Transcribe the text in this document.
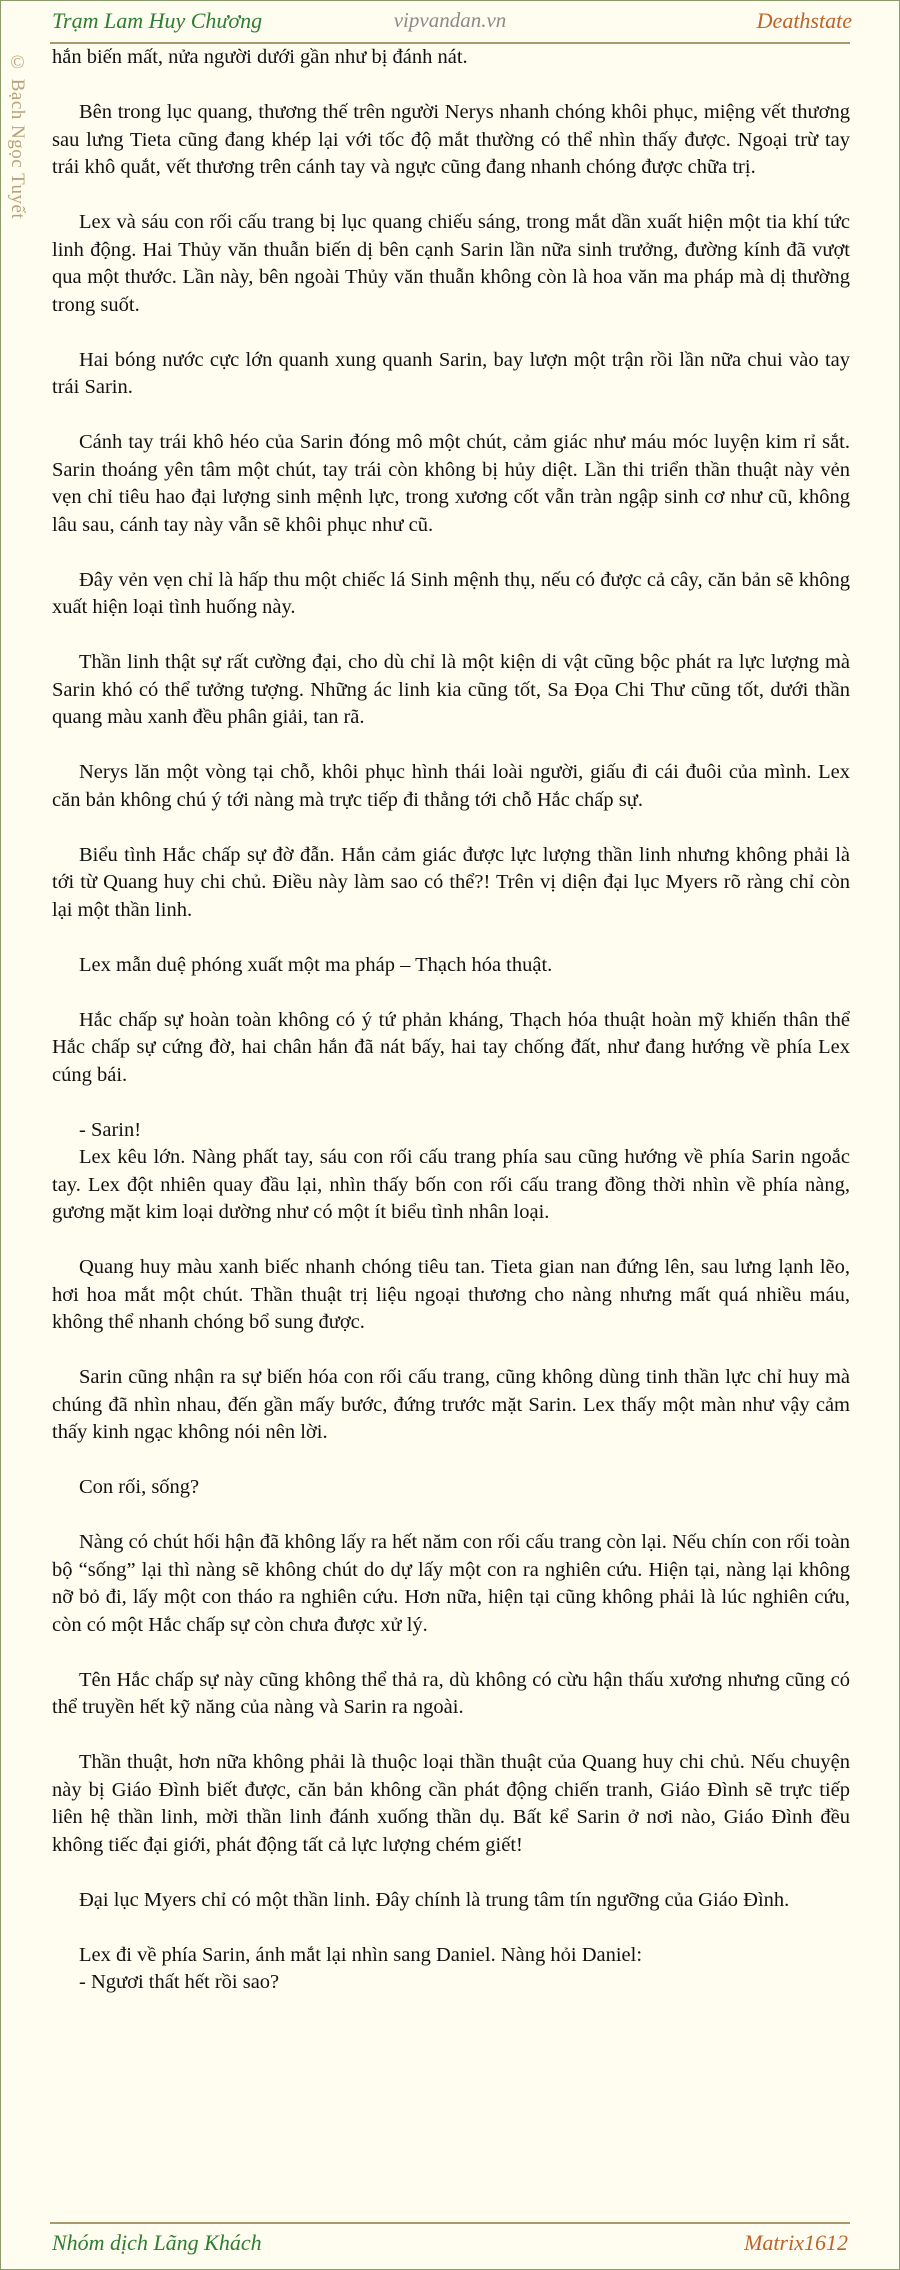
Trạm Lam Huy Chương	vipvandan.vn	Deathstate
© Bạch Ngọc Tuyết hắn biến mất, nửa người dưới gần như bị đánh nát.

Bên trong lục quang, thương thế trên người Nerys nhanh chóng khôi phục, miệng vết thương sau lưng Tieta cũng đang khép lại với tốc độ mắt thường có thể nhìn thấy được. Ngoại trừ tay trái khô quắt, vết thương trên cánh tay và ngực cũng đang nhanh chóng được chữa trị.

Lex và sáu con rối cấu trang bị lục quang chiếu sáng, trong mắt dần xuất hiện một tia khí tức linh động. Hai Thủy văn thuẫn biến dị bên cạnh Sarin lần nữa sinh trưởng, đường kính đã vượt qua một thước. Lần này, bên ngoài Thủy văn thuẫn không còn là hoa văn ma pháp mà dị thường trong suốt.

Hai bóng nước cực lớn quanh xung quanh Sarin, bay lượn một trận rồi lần nữa chui vào tay trái Sarin.

Cánh tay trái khô héo của Sarin đóng mô một chút, cảm giác như máu móc luyện kim rỉ sắt. Sarin thoáng yên tâm một chút, tay trái còn không bị hủy diệt. Lần thi triển thần thuật này vẻn vẹn chỉ tiêu hao đại lượng sinh mệnh lực, trong xương cốt vẫn tràn ngập sinh cơ như cũ, không lâu sau, cánh tay này vẫn sẽ khôi phục như cũ.

Đây vẻn vẹn chỉ là hấp thu một chiếc lá Sinh mệnh thụ, nếu có được cả cây, căn bản sẽ không xuất hiện loại tình huống này.

Thần linh thật sự rất cường đại, cho dù chỉ là một kiện di vật cũng bộc phát ra lực lượng mà Sarin khó có thể tưởng tượng. Những ác linh kia cũng tốt, Sa Đọa Chi Thư cũng tốt, dưới thần quang màu xanh đều phân giải, tan rã.

Nerys lăn một vòng tại chỗ, khôi phục hình thái loài người, giấu đi cái đuôi của mình. Lex căn bản không chú ý tới nàng mà trực tiếp đi thẳng tới chỗ Hắc chấp sự.

Biểu tình Hắc chấp sự đờ đẫn. Hắn cảm giác được lực lượng thần linh nhưng không phải là tới từ Quang huy chi chủ. Điều này làm sao có thể?! Trên vị diện đại lục Myers rõ ràng chỉ còn lại một thần linh.

Lex mẫn duệ phóng xuất một ma pháp – Thạch hóa thuật.

Hắc chấp sự hoàn toàn không có ý tứ phản kháng, Thạch hóa thuật hoàn mỹ khiến thân thể Hắc chấp sự cứng đờ, hai chân hắn đã nát bấy, hai tay chống đất, như đang hướng về phía Lex cúng bái.

- Sarin!

Lex kêu lớn. Nàng phất tay, sáu con rối cấu trang phía sau cũng hướng về phía Sarin ngoắc tay. Lex đột nhiên quay đầu lại, nhìn thấy bốn con rối cấu trang đồng thời nhìn về phía nàng, gương mặt kim loại dường như có một ít biểu tình nhân loại.

Quang huy màu xanh biếc nhanh chóng tiêu tan. Tieta gian nan đứng lên, sau lưng lạnh lẽo, hơi hoa mắt một chút. Thần thuật trị liệu ngoại thương cho nàng nhưng mất quá nhiều máu, không thể nhanh chóng bổ sung được.

Sarin cũng nhận ra sự biến hóa con rối cấu trang, cũng không dùng tinh thần lực chỉ huy mà chúng đã nhìn nhau, đến gần mấy bước, đứng trước mặt Sarin. Lex thấy một màn như vậy cảm thấy kinh ngạc không nói nên lời.

Con rối, sống?

Nàng có chút hối hận đã không lấy ra hết năm con rối cấu trang còn lại. Nếu chín con rối toàn bộ “sống” lại thì nàng sẽ không chút do dự lấy một con ra nghiên cứu. Hiện tại, nàng lại không nỡ bỏ đi, lấy một con tháo ra nghiên cứu. Hơn nữa, hiện tại cũng không phải là lúc nghiên cứu, còn có một Hắc chấp sự còn chưa được xử lý.

Tên Hắc chấp sự này cũng không thể thả ra, dù không có cừu hận thấu xương nhưng cũng có thể truyền hết kỹ năng của nàng và Sarin ra ngoài.

Thần thuật, hơn nữa không phải là thuộc loại thần thuật của Quang huy chi chủ. Nếu chuyện này bị Giáo Đình biết được, căn bản không cần phát động chiến tranh, Giáo Đình sẽ trực tiếp liên hệ thần linh, mời thần linh đánh xuống thần dụ. Bất kể Sarin ở nơi nào, Giáo Đình đều không tiếc đại giới, phát động tất cả lực lượng chém giết!

Đại lục Myers chỉ có một thần linh. Đây chính là trung tâm tín ngưỡng của Giáo Đình.

Lex đi về phía Sarin, ánh mắt lại nhìn sang Daniel. Nàng hỏi Daniel:

- Ngươi thất hết rồi sao?

Nhóm dịch Lãng Khách	Matrix1612
